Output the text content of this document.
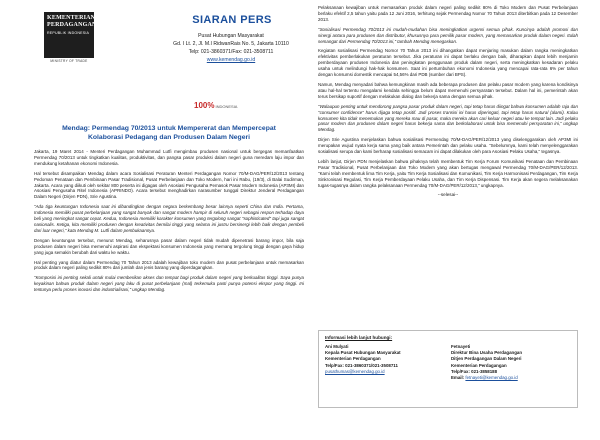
KEMENTERIAN
PERDAGANGAN
REPUBLIK INDONESIA
MINISTRY OF TRADE
SIARAN PERS
Pusat Hubungan Masyarakat
Gd. I Lt. 2, Jl. M.I RidwanRais No. 5, Jakarta 10110
Telp: 021-3860371/Fax: 021-3508711
www.kemendag.go.id
100%INDONESIA
Mendag: Permendag 70/2013 untuk Mempererat dan Mempercepat
Kolaborasi Pedagang dan Produsen Dalam Negeri

Jakarta, 19 Maret 2014 - Menteri Perdagangan Muhammad Lutfi mengimbau produsen nasional untuk bergegas memanfaatkan Permendag 70/2013 untuk tingkatkan kualitas, produktivitas, dan pangsa pasar produksi dalam negeri guna meredam laju impor dan mendukung ketahanan ekonomi Indonesia.

Hal tersebut disampaikan Mendag dalam acara Sosialisasi Peraturan Menteri Perdagangan Nomor 70/M-DAG/PER/12/2013 tentang Pedoman Penataan dan Pembinaan Pasar Tradisional, Pusat Perbelanjaan dan Toko Modern, hari ini Rabu, (19/3), di Balai Sudirman, Jakarta. Acara yang diikuti oleh sekitar 800 peserta ini digagas oleh Asosiasi Pengusaha Pemasok Pasar Modern Indonesia (AP3MI) dan Asosiasi Pengusaha Ritel Indonesia (APRINDO). Acara tersebut menghadirkan narasumber tunggal Direktur Jenderal Perdagangan Dalam Negeri (Dirjen PDN), Srie Agustina.

"Ada tiga keuntungan Indonesia saat ini dibandingkan dengan negara berkembang besar lainnya seperti China dan India. Pertama, Indonesia memiliki pusat perbelanjaan yang sangat banyak dan sangat modern hampir di seluruh negeri sebagai respon terhadap daya beli yang meningkat sangat cepat. Kedua, Indonesia memiliki karakter konsumen yang tergolong sangat "sophisticated" tapi juga sangat nasionalis. Ketiga, kita memiliki produsen dengan kreativitas bernilai tinggi yang selama ini justru bersinergi lebih baik dengan pembeli dari luar negeri," kata Mendag M. Lutfi dalam pembukaannya.

Dengan keuntungan tersebut, menurut Mendag, seharusnya pasar dalam negeri tidak mudah dipenetrasi barang impor, bila saja produsen dalam negeri bisa memenuhi aspirasi dan ekspektasi konsumen Indonesia yang memang tergolong tinggi dengan gaya hidup yang juga semakin berubah dari waktu ke waktu.

Hal penting yang diatur dalam Permendag 70 Tahun 2013 adalah kewajiban toko modern dan pusat perbelanjaan untuk memasarkan produk dalam negeri paling sedikit 80% dari jumlah dan jenis barang yang diperdagangkan.

"Komposisi ini penting sekali untuk mulai memberikan akses dan tempat bagi produk dalam negeri yang berkualitas tinggi. Saya punya keyakinan bahwa produk dalam negeri yang laku di pusat perbelanjaan (mal) terkemuka pasti punya potensi ekspor yang tinggi. Ini tentunya perlu proses inovasi dan industrialisasi," ungkap Mendag.

Pelaksanaan kewajiban untuk memasarkan produk dalam negeri paling sedikit 80% di Toko Modern dan Pusat Perbelanjaan berlaku efektif 2,5 tahun yaitu pada 12 Juni 2016, terhitung sejak Permendag Nomor 70 Tahun 2013 diterbitkan pada 12 Desember 2013.

"Sosialisasi Permendag 70/2013 ini mudah-mudahan bisa meningkatkan urgensi semua pihak. Kuncinya adalah promosi dan sinergi antara para produsen dan distributor, khususnya para pemilik pasar modern, yang memasarkan produk dalam negeri. Itulah semangat dari Permendag 70/2013 ini," tambah Mendag menegaskan.

Kegiatan sosialisasi Permendag Nomor 70 Tahun 2013 ini dihangatkan dapat menjaring masukan dalam rangka meningkatkan efektivitas pemberlakukan peraturan tersebut. Jika peraturan ini dapat berlaku dengan baik, diharapkan dapat lebih menjamin pemberdayaan produsen Indonesia dan peningkatan penggunaan produk dalam negeri, serta meningkatkan kesadaran pelaku usaha untuk melindungi hak-hak konsumen. Saat ini pertumbuhan ekonomi Indonesia yang mencapai rata-rata 6% per tahun dengan konsumsi domestik mencapai 54,56% dari PDB (sumber dari BPS).

Namun, Mendag menyadari bahwa kemungkinan masih ada beberapa produsen dan pelaku pasar modern yang karena kondisinya atau hal-hal tertentu mengalami kendala sehingga belum dapat memenuhi persyaratan tersebut. Dalam hal ini, pemerintah akan terus bersikap suportif dengan melakukan dialog dan bekerja sama dengan semua pihak.

"Walaupun penting untuk mendorong pangsa pasar produk dalam negeri, tapi tetap harus diingat bahwa konsumen adalah raja dan "consumer confidence" harus dijaga tetap positif. Jadi proses transisi ini harus diperingati, tapi tetap harus natural (alami). Kalau konsumen kita tidak menemukan yang mereka mau di pasar, maka mereka akan cari keluar negeri atau ke tempat lain. Jadi pelaku pasar modern dan produsen dalam negeri harus bekerja sama dan berkolaborasi untuk bisa memenuhi persyaratan ini," ungkap Mendag.

Dirjen Srie Agustina menjelaskan bahwa sosialisasi Permendag 70/M-DAG/PER/12/2013 yang diselenggarakan oleh AP3MI ini merupakan wujud nyata kerja sama yang baik antara Pemerintah dan pelaku usaha. "Sebelumnya, kami telah menyelenggarakan sosialisasi serupa dan kami berharap sosialisasi semacam ini dapat dilakukan oleh para Asosiasi Pelaku Usaha," tegasnya.

Lebih lanjut, Dirjen PDN menjelaskan bahwa pihaknya telah membentuk Tim Kerja Forum Komunikasi Penataan dan Pembinaan Pasar Tradisional, Pusat Perbelanjaan dan Toko Modern yang akan bertugas mengawal Permendag 70/M-DAG/PER/12/2013. "Kami telah membentuk lima Tim Kerja, yaitu Tim Kerja Sosialisasi dan Komunikasi, Tim Kerja Harmonisasi Perdagangan, Tim Kerja Sinkronisasi Regulasi, Tim Kerja Pemberdayaan Pelaku Usaha, dan Tim Kerja Dispensasi. Tim Kerja akan segera melaksanakan tugas-tugasnya dalam rangka pelaksanaan Permendag 70/M-DAG/PER/12/2013," ungkapnya.

--selesai--
Informasi lebih lanjut hubungi:
Ani Mulyati
Kepala Pusat Hubungan Masyarakat
Kementerian Perdagangan
Telp/Fax: 021-3860371/021-3508711
pusathumas@kemendag.go.id
Fetnayeti
Direktur Bina Usaha Perdagangan
Ditjen Perdagangan Dalam Negeri
Kementerian Perdagangan
Telp/Fax: 021-3858188
Email: fetnayeti@kemendag.go.id
